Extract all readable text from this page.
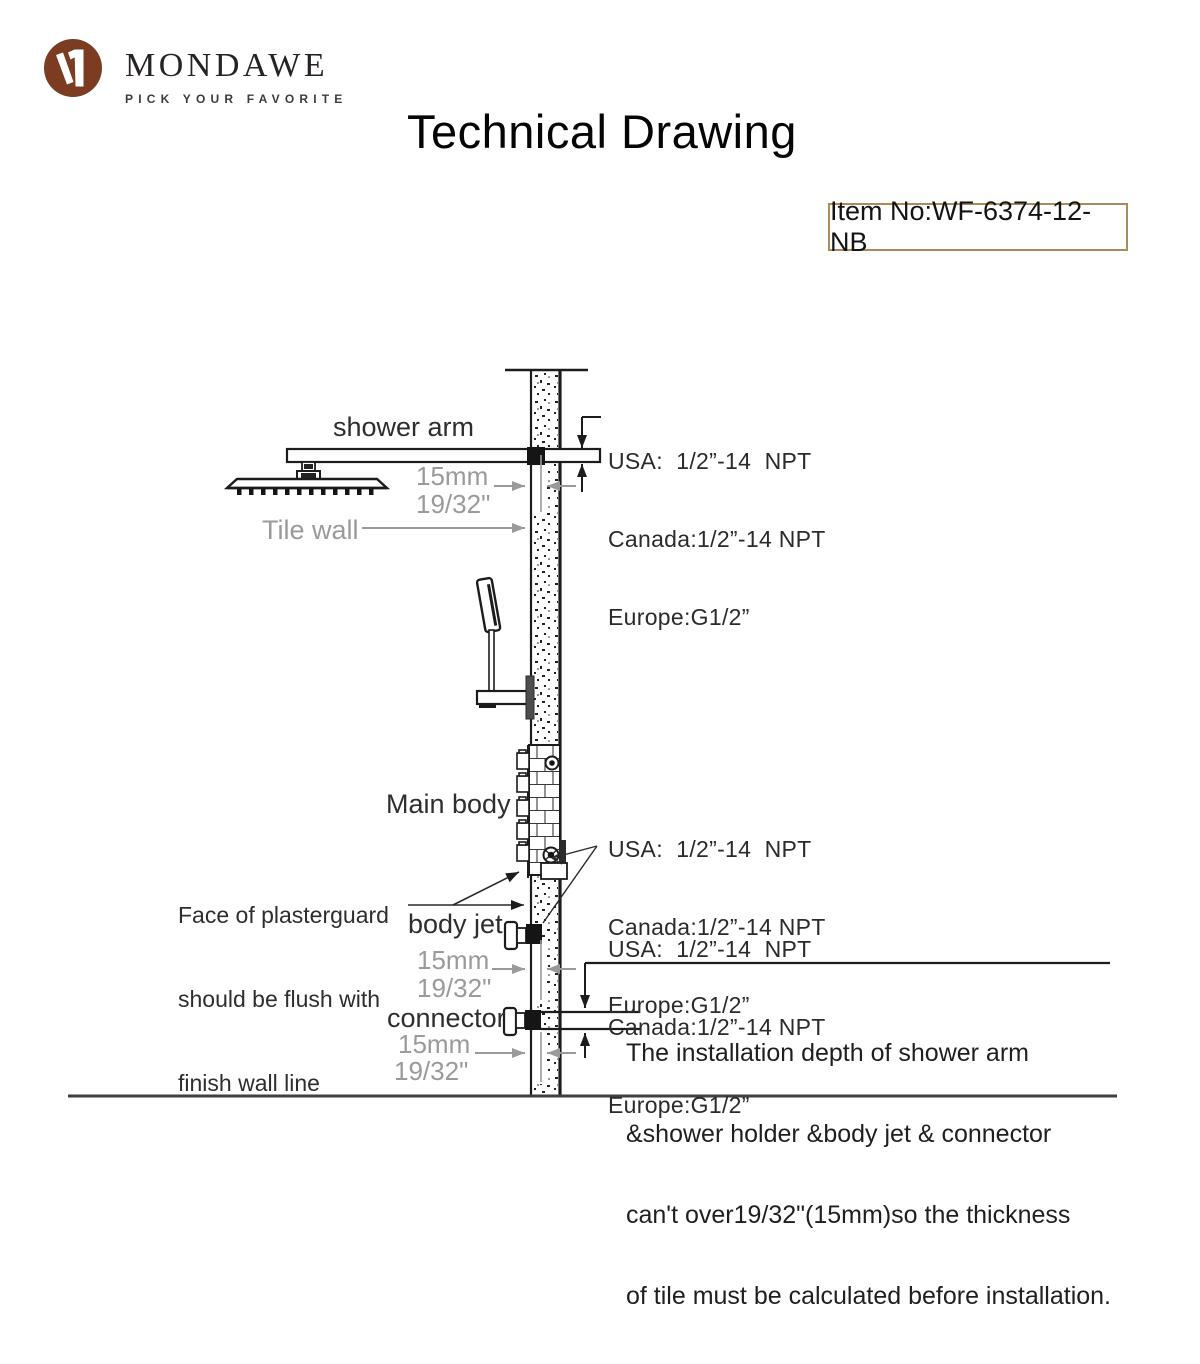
MONDAWE
PICK YOUR FAVORITE
Technical Drawing
Item No:WF-6374-12-NB
shower arm
15mm
19/32"
Tile wall
Main body

Face of plasterguard

should be flush with

finish wall line

body jet
15mm
19/32"
connector
15mm
19/32"

USA:  1/2”-14  NPT

Canada:1/2”-14 NPT

Europe:G1/2”

USA:  1/2”-14  NPT

Canada:1/2”-14 NPT

Europe:G1/2”

USA:  1/2”-14  NPT

Canada:1/2”-14 NPT

Europe:G1/2”

The installation depth of shower arm

&shower holder &body jet & connector

can't over19/32"(15mm)so the thickness

of tile must be calculated before installation.
